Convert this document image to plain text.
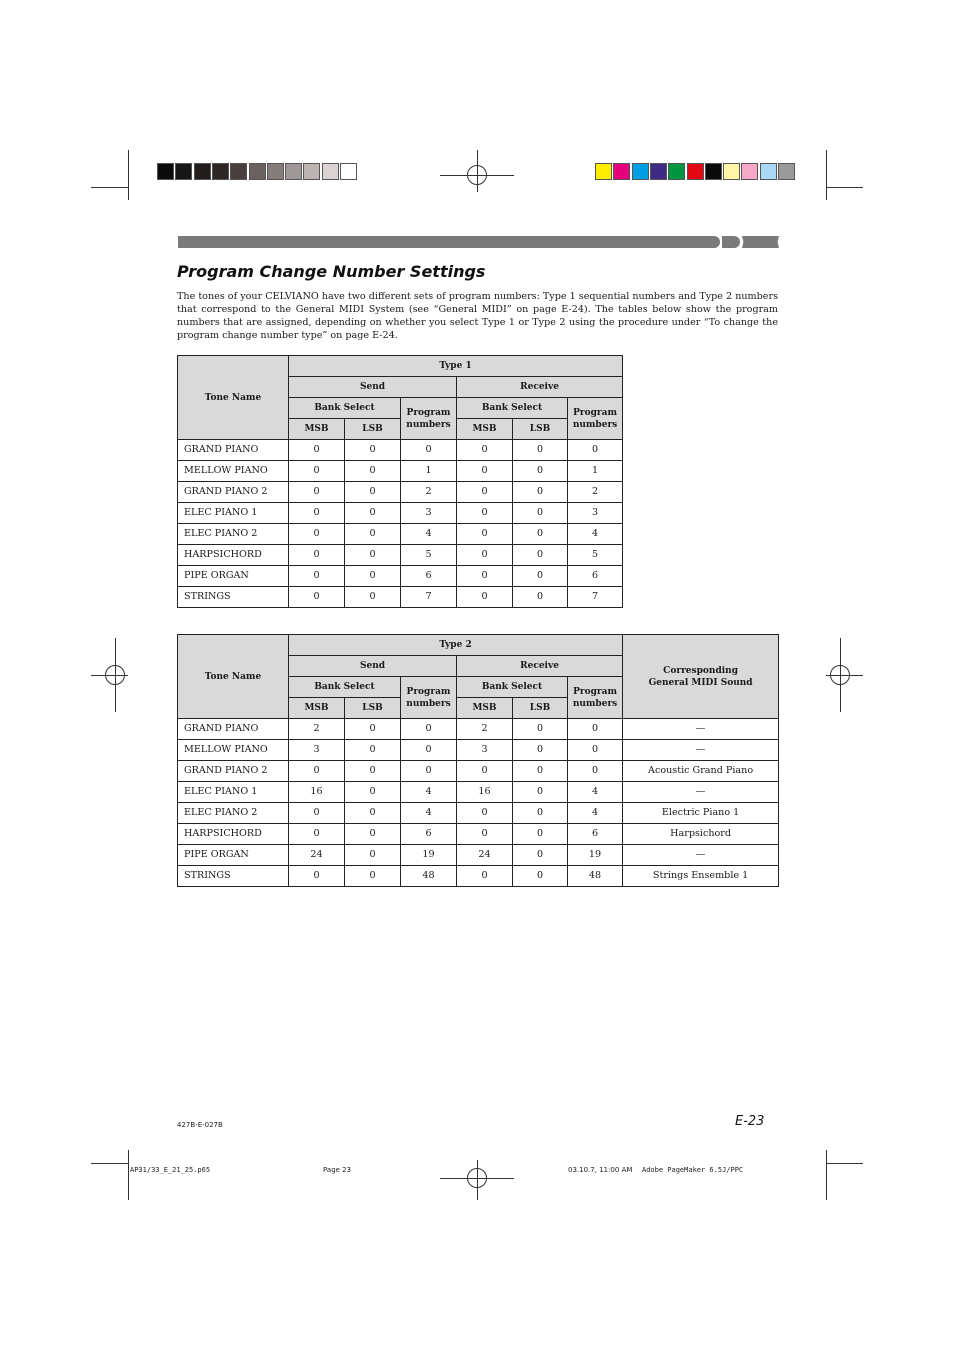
Program Change Number Settings
The tones of your CELVIANO have two different sets of program numbers: Type 1 sequential numbers and Type 2 numbers that correspond to the General MIDI System (see “General MIDI” on page E-24). The tables below show the program numbers that are assigned, depending on whether you select Type 1 or Type 2 using the procedure under “To change the program change number type” on page E-24.
Tone Name	Type 1					
	Send			Receive		
	Bank Select		Program
numbers	Bank Select		Program
numbers
	MSB	LSB		MSB	LSB	
GRAND PIANO	0	0	0	0	0	0
MELLOW PIANO	0	0	1	0	0	1
GRAND PIANO 2	0	0	2	0	0	2
ELEC PIANO 1	0	0	3	0	0	3
ELEC PIANO 2	0	0	4	0	0	4
HARPSICHORD	0	0	5	0	0	5
PIPE ORGAN	0	0	6	0	0	6
STRINGS	0	0	7	0	0	7
Tone Name	Type 2						Corresponding
General MIDI Sound
	Send			Receive			
	Bank Select		Program
numbers	Bank Select		Program
numbers	
	MSB	LSB		MSB	LSB		
GRAND PIANO	2	0	0	2	0	0	—
MELLOW PIANO	3	0	0	3	0	0	—
GRAND PIANO 2	0	0	0	0	0	0	Acoustic Grand Piano
ELEC PIANO 1	16	0	4	16	0	4	—
ELEC PIANO 2	0	0	4	0	0	4	Electric Piano 1
HARPSICHORD	0	0	6	0	0	6	Harpsichord
PIPE ORGAN	24	0	19	24	0	19	—
STRINGS	0	0	48	0	0	48	Strings Ensemble 1
E-23
427B-E-027B
AP31/33_E_21_25.p65	Page 23	03.10.7, 11:00 AM Adobe PageMaker 6.5J/PPC
